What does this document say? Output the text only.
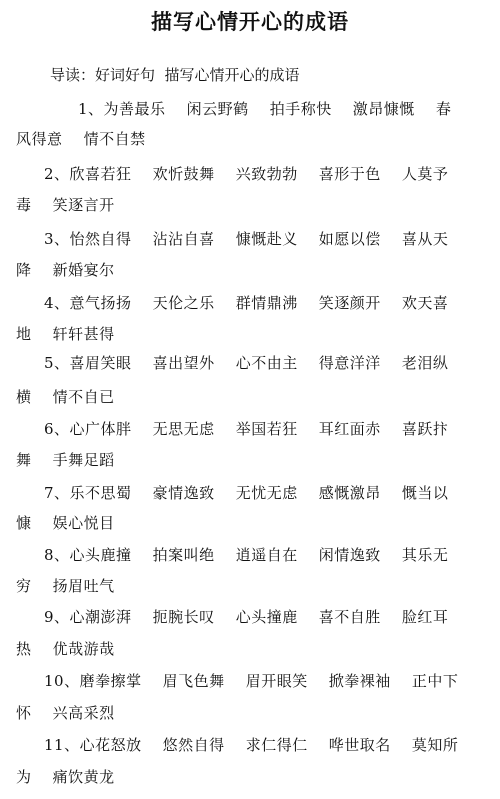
描写心情开心的成语
导读：好词好句  描写心情开心的成语
1、为善最乐    闲云野鹤    拍手称快    激昂慷慨    春
风得意    情不自禁
2、欣喜若狂    欢忻鼓舞    兴致勃勃    喜形于色    人莫予
毒    笑逐言开
3、怡然自得    沾沾自喜    慷慨赴义    如愿以偿    喜从天
降    新婚宴尔
4、意气扬扬    天伦之乐    群情鼎沸    笑逐颜开    欢天喜
地    轩轩甚得
5、喜眉笑眼    喜出望外    心不由主    得意洋洋    老泪纵
横    情不自已
6、心广体胖    无思无虑    举国若狂    耳红面赤    喜跃抃
舞    手舞足蹈
7、乐不思蜀    豪情逸致    无忧无虑    感慨激昂    慨当以
慷    娱心悦目
8、心头鹿撞    拍案叫绝    逍遥自在    闲情逸致    其乐无
穷    扬眉吐气
9、心潮澎湃    扼腕长叹    心头撞鹿    喜不自胜    脸红耳
热    优哉游哉
10、磨拳擦掌    眉飞色舞    眉开眼笑    掀拳裸袖    正中下
怀    兴高采烈
11、心花怒放    悠然自得    求仁得仁    哗世取名    莫知所
为    痛饮黄龙
